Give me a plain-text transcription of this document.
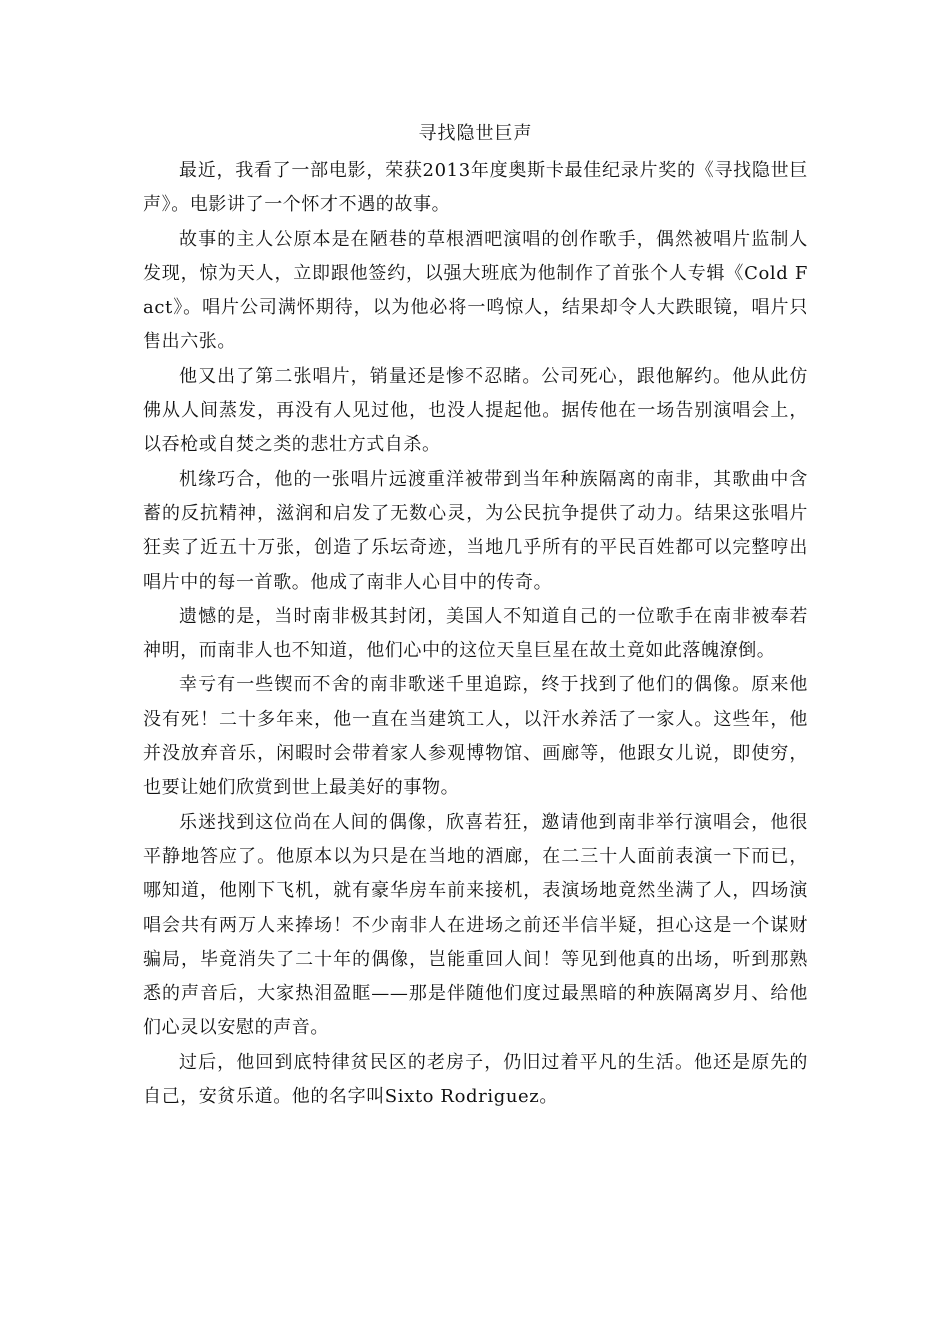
寻找隐世巨声

最近，我看了一部电影，荣获2013年度奥斯卡最佳纪录片奖的《寻找隐世巨声》。电影讲了一个怀才不遇的故事。

故事的主人公原本是在陋巷的草根酒吧演唱的创作歌手，偶然被唱片监制人发现，惊为天人，立即跟他签约，以强大班底为他制作了首张个人专辑《Cold Fact》。唱片公司满怀期待，以为他必将一鸣惊人，结果却令人大跌眼镜，唱片只售出六张。

他又出了第二张唱片，销量还是惨不忍睹。公司死心，跟他解约。他从此仿佛从人间蒸发，再没有人见过他，也没人提起他。据传他在一场告别演唱会上，以吞枪或自焚之类的悲壮方式自杀。

机缘巧合，他的一张唱片远渡重洋被带到当年种族隔离的南非，其歌曲中含蓄的反抗精神，滋润和启发了无数心灵，为公民抗争提供了动力。结果这张唱片狂卖了近五十万张，创造了乐坛奇迹，当地几乎所有的平民百姓都可以完整哼出唱片中的每一首歌。他成了南非人心目中的传奇。

遗憾的是，当时南非极其封闭，美国人不知道自己的一位歌手在南非被奉若神明，而南非人也不知道，他们心中的这位天皇巨星在故土竟如此落魄潦倒。

幸亏有一些锲而不舍的南非歌迷千里追踪，终于找到了他们的偶像。原来他没有死！二十多年来，他一直在当建筑工人，以汗水养活了一家人。这些年，他并没放弃音乐，闲暇时会带着家人参观博物馆、画廊等，他跟女儿说，即使穷，也要让她们欣赏到世上最美好的事物。

乐迷找到这位尚在人间的偶像，欣喜若狂，邀请他到南非举行演唱会，他很平静地答应了。他原本以为只是在当地的酒廊，在二三十人面前表演一下而已，哪知道，他刚下飞机，就有豪华房车前来接机，表演场地竟然坐满了人，四场演唱会共有两万人来捧场！不少南非人在进场之前还半信半疑，担心这是一个谋财骗局，毕竟消失了二十年的偶像，岂能重回人间！等见到他真的出场，听到那熟悉的声音后，大家热泪盈眶——那是伴随他们度过最黑暗的种族隔离岁月、给他们心灵以安慰的声音。

过后，他回到底特律贫民区的老房子，仍旧过着平凡的生活。他还是原先的自己，安贫乐道。他的名字叫Sixto Rodriguez。
